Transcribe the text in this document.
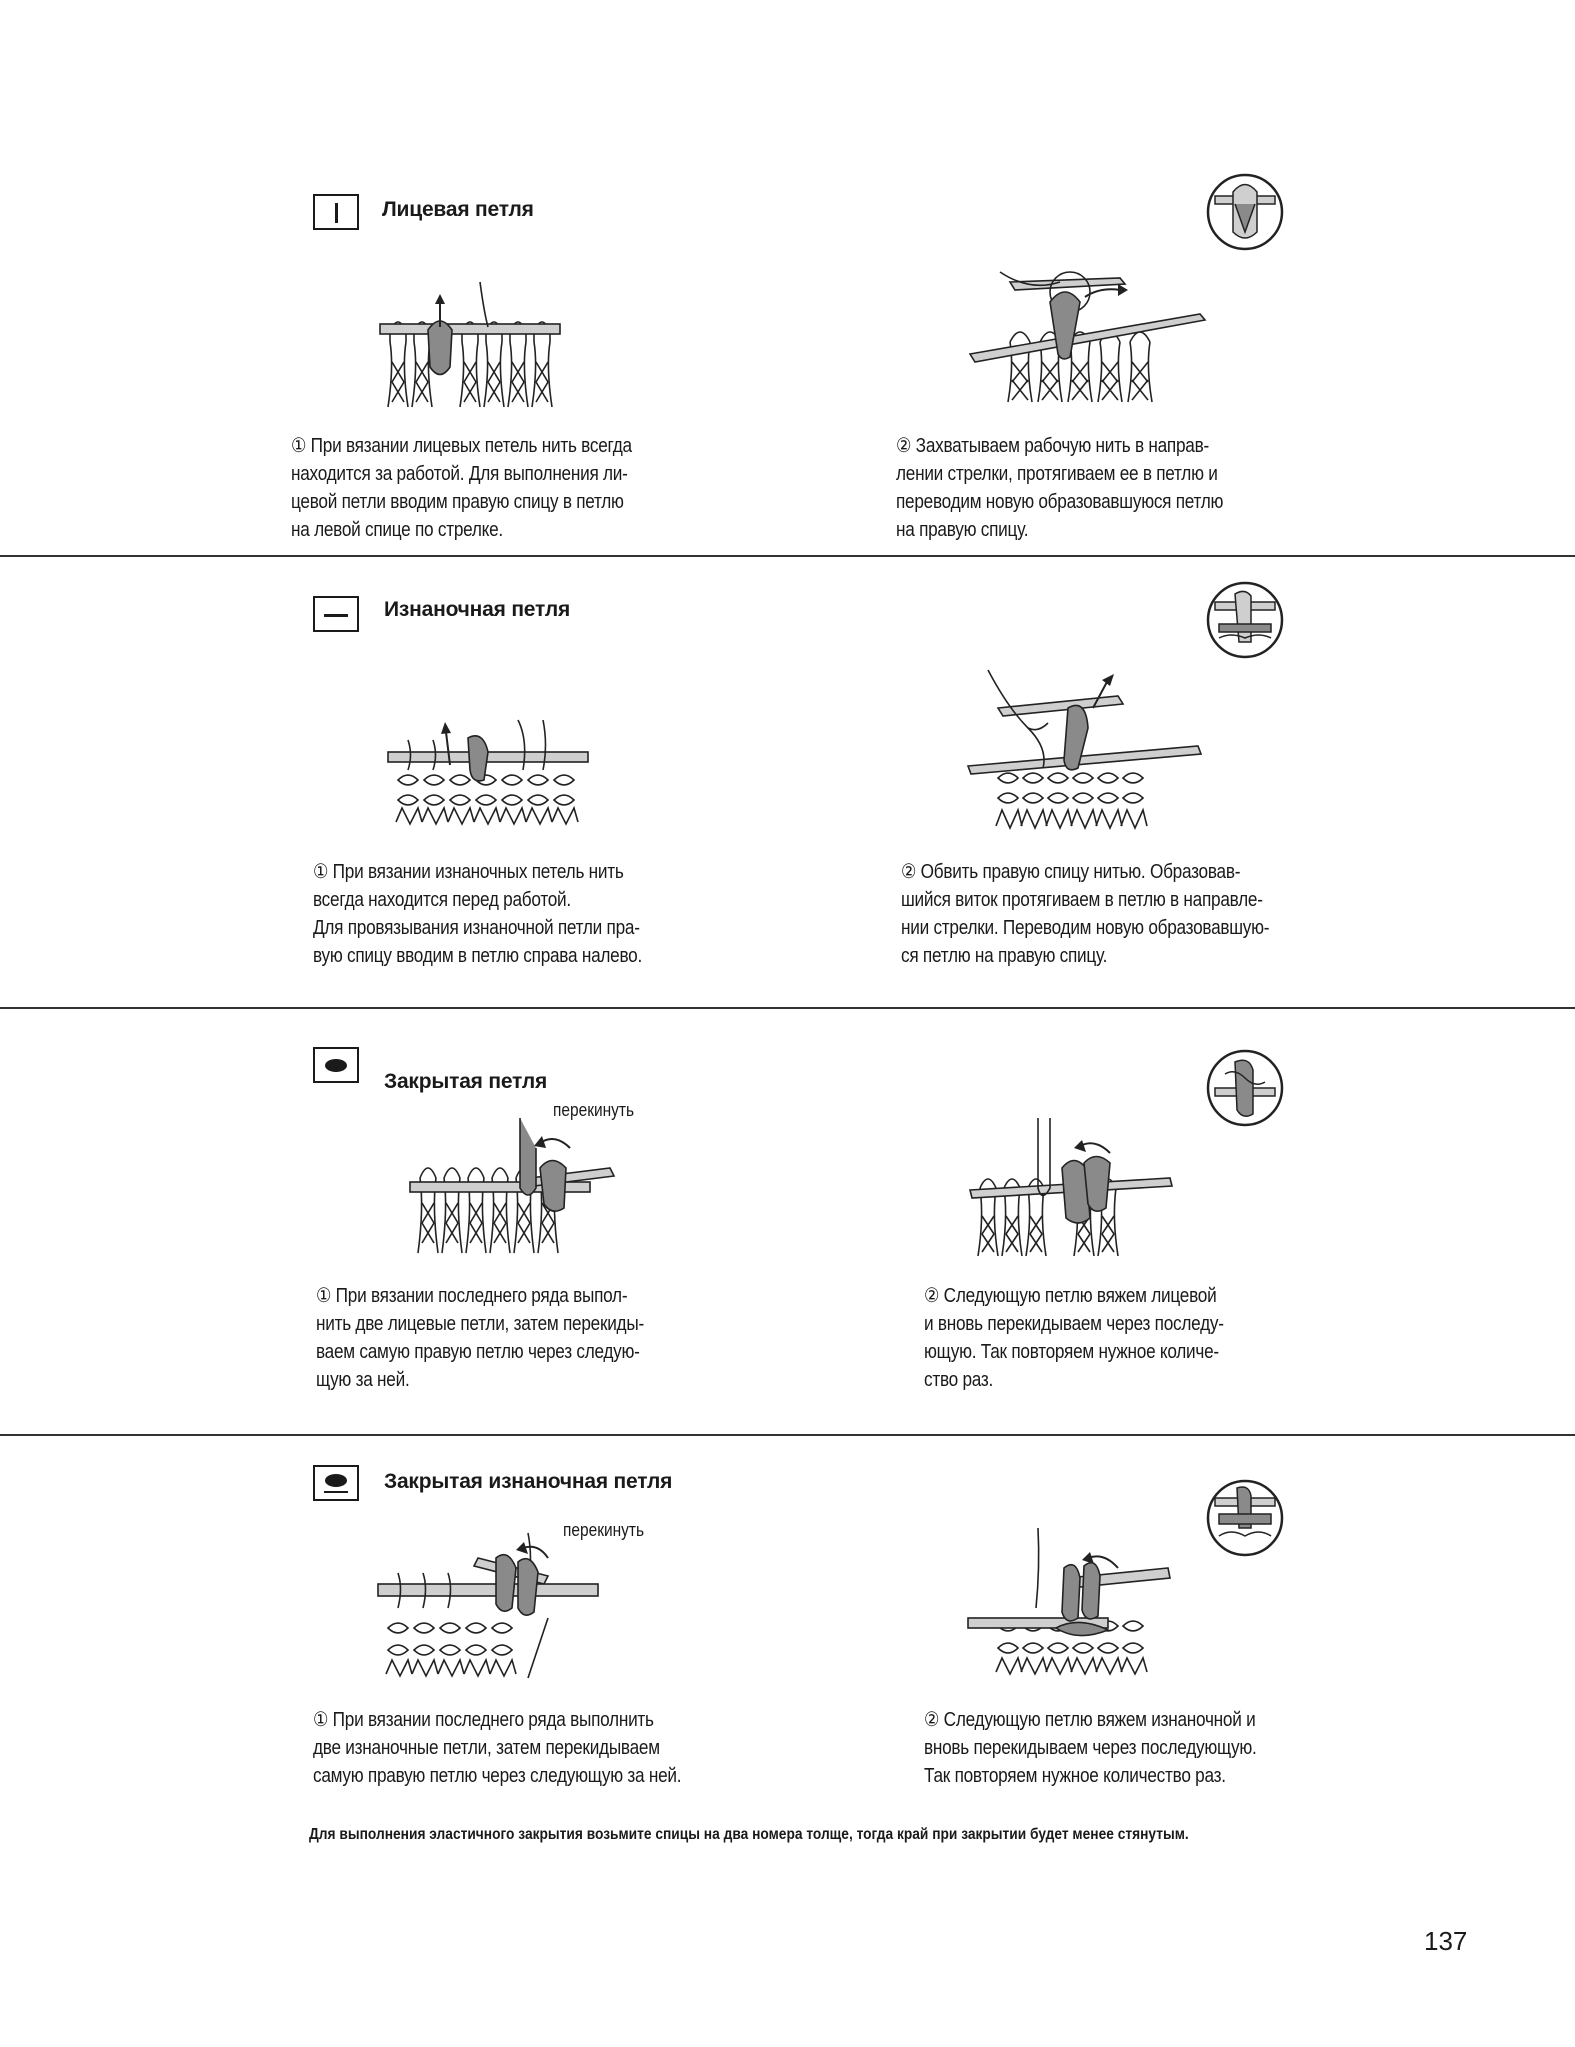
Лицевая петля
① При вязании лицевых петель нить всегда
находится за работой. Для выполнения ли-
цевой петли вводим правую спицу в петлю
на левой спице по стрелке.
② Захватываем рабочую нить в направ-
лении стрелки, протягиваем ее в петлю и
переводим новую образовавшуюся петлю
на правую спицу.
Изнаночная петля
① При вязании изнаночных петель нить
всегда находится перед работой.
Для провязывания изнаночной петли пра-
вую спицу вводим в петлю справа налево.
② Обвить правую спицу нитью. Образовав-
шийся виток протягиваем в петлю в направле-
нии стрелки. Переводим новую образовавшую-
ся петлю на правую спицу.
Закрытая петля
перекинуть
① При вязании последнего ряда выпол-
нить две лицевые петли, затем перекиды-
ваем самую правую петлю через следую-
щую за ней.
② Следующую петлю вяжем лицевой
и вновь перекидываем через последу-
ющую. Так повторяем нужное количе-
ство раз.
Закрытая изнаночная петля
перекинуть
① При вязании последнего ряда выполнить
две изнаночные петли, затем перекидываем
самую правую петлю через следующую за ней.
② Следующую петлю вяжем изнаночной и
вновь перекидываем через последующую.
Так повторяем нужное количество раз.
Для выполнения эластичного закрытия возьмите спицы на два номера толще, тогда край при закрытии будет менее стянутым.
137
